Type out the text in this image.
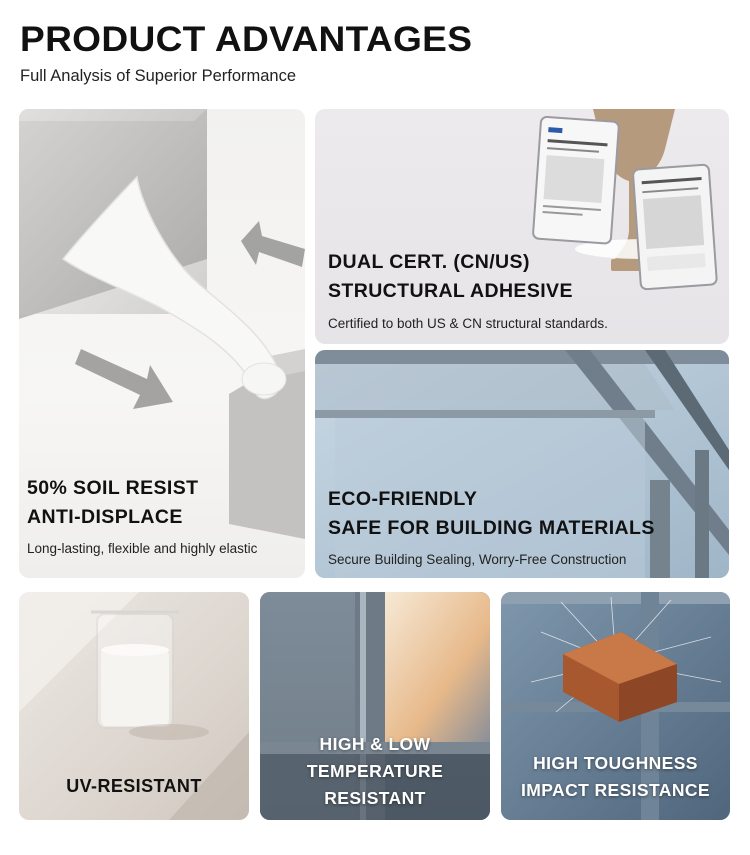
PRODUCT ADVANTAGES
Full Analysis of Superior Performance
50% SOIL RESIST
ANTI-DISPLACE
Long-lasting, flexible and highly elastic
DUAL CERT. (CN/US)
STRUCTURAL ADHESIVE
Certified to both US & CN structural standards.
ECO-FRIENDLY
SAFE FOR BUILDING MATERIALS
Secure Building Sealing, Worry-Free Construction
UV-RESISTANT
HIGH & LOW
TEMPERATURE
RESISTANT
HIGH TOUGHNESS
IMPACT RESISTANCE
